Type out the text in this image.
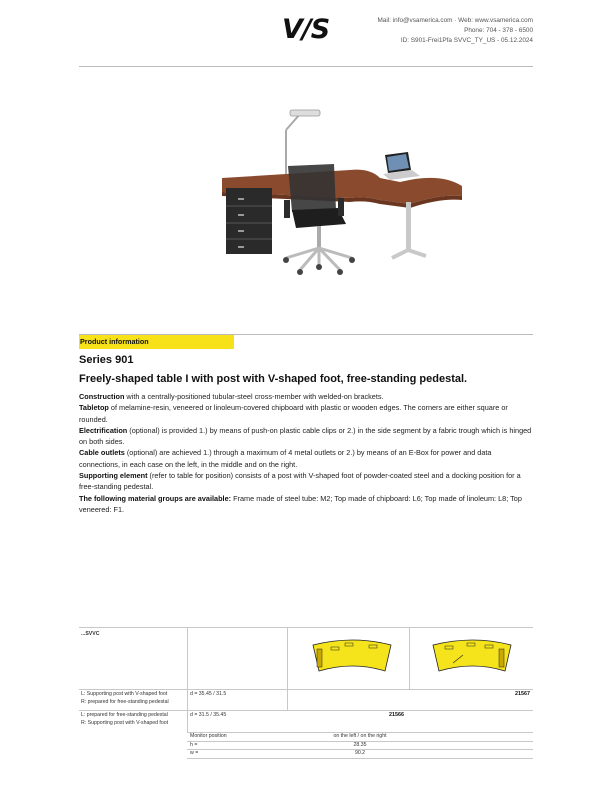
V/S	Mail: info@vsamerica.com · Web: www.vsamerica.com
Phone: 704 - 378 - 6500
ID: S901-Frei1Pfa SVVC_TY_US - 05.12.2024
Product information
Series 901
Freely-shaped table I with post with V-shaped foot, free-standing pedestal.

Construction with a centrally-positioned tubular-steel cross-member with welded-on brackets.

Tabletop of melamine-resin, veneered or linoleum-covered chipboard with plastic or wooden edges. The corners are either square or rounded.

Electrification (optional) is provided 1.) by means of push-on plastic cable clips or 2.) in the side segment by a fabric trough which is hinged on both sides.

Cable outlets (optional) are achieved 1.) through a maximum of 4 metal outlets or 2.) by means of an E-Box for power and data connections, in each case on the left, in the middle and on the right.

Supporting element (refer to table for position) consists of a post with V-shaped foot of powder-coated steel and a docking position for a free-standing pedestal.

The following material groups are available: Frame made of steel tube: M2; Top made of chipboard: L6; Top made of linoleum: L8; Top veneered: F1.

...SVVC
L: Supporting post with V-shaped foot
R: prepared for free-standing pedestal
d = 35.45 / 31.5	21567
L: prepared for free-standing pedestal
R: Supporting post with V-shaped foot
d = 31.5 / 35.45	21566
Monitor position	on the left / on the right
h =	28.35
w =	90.2
